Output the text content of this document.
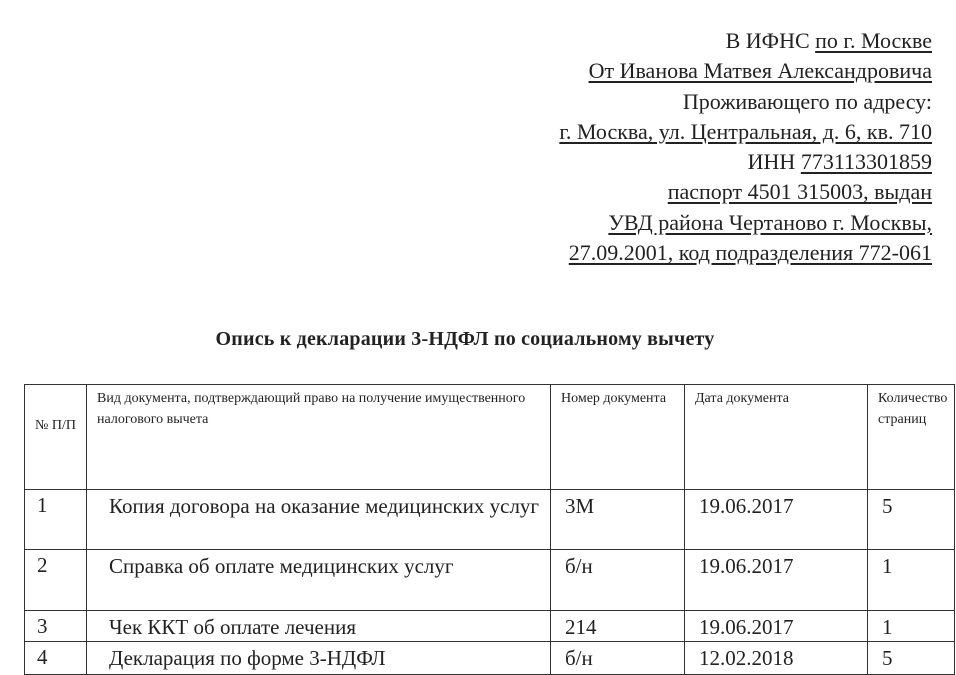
В ИФНС по г. Москве
От Иванова Матвея Александровича
Проживающего по адресу:
г. Москва, ул. Центральная, д. 6, кв. 710
ИНН 773113301859
паспорт 4501 315003, выдан
УВД района Чертаново г. Москвы,
27.09.2001, код подразделения 772-061
Опись к декларации 3-НДФЛ по социальному вычету
№ П/П	Вид документа, подтверждающий право на получение имущественного налогового вычета	Номер документа	Дата документа	Количество страниц
1	Копия договора на оказание медицинских услуг	3М	19.06.2017	5
2	Справка об оплате медицинских услуг	б/н	19.06.2017	1
3	Чек ККТ об оплате лечения	214	19.06.2017	1
4	Декларация по форме 3-НДФЛ	б/н	12.02.2018	5
